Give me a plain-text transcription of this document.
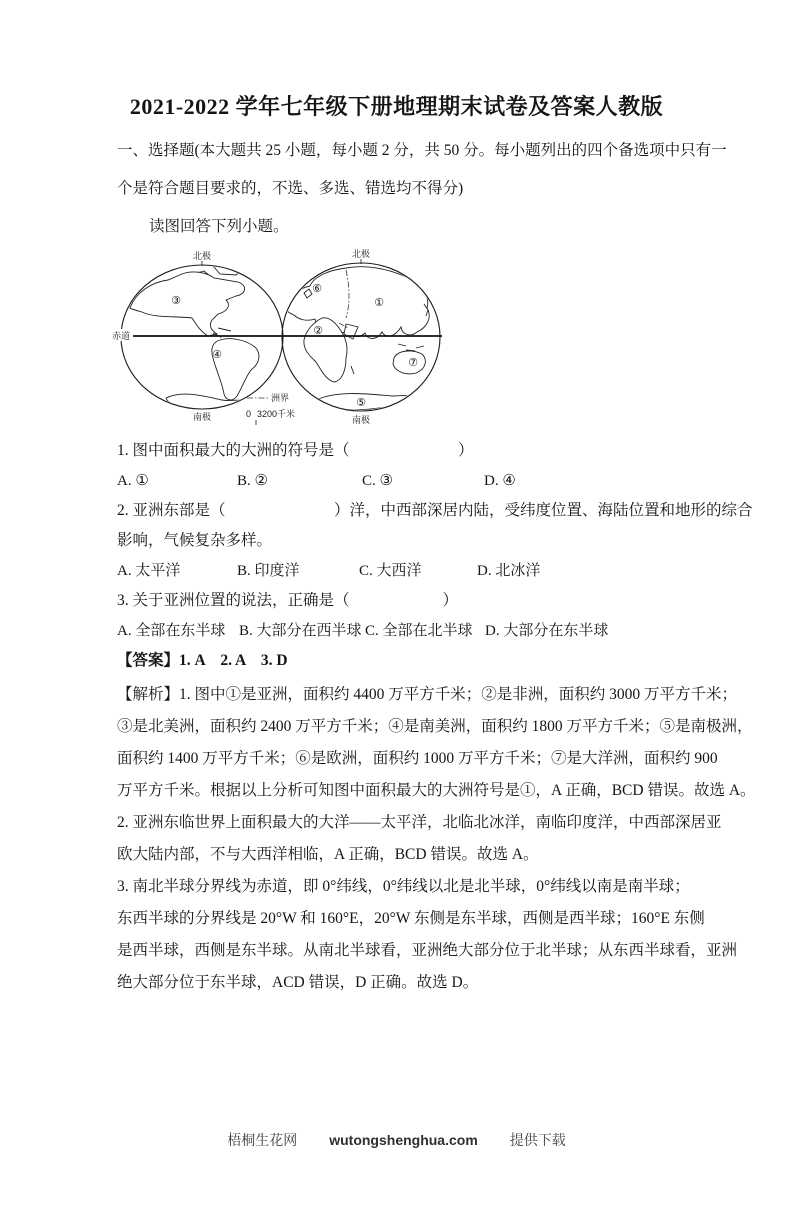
2021-2022 学年七年级下册地理期末试卷及答案人教版
一、选择题(本大题共 25 小题，每小题 2 分，共 50 分。每小题列出的四个备选项中只有一
个是符合题目要求的，不选、多选、错选均不得分)
读图回答下列小题。
赤道
北极	北极
南极	南极
①
②
③
④
⑤
⑥
⑦
洲界
0 3200千米
1. 图中面积最大的大洲的符号是（　　　　　　　）
A. ①	B. ②	C. ③	D. ④
2. 亚洲东部是（　　　　　　　）洋，中西部深居内陆，受纬度位置、海陆位置和地形的综合
影响，气候复杂多样。
A. 太平洋	B. 印度洋	C. 大西洋	D. 北冰洋
3. 关于亚洲位置的说法，正确是（　　　　　　）
A. 全部在东半球 B. 大部分在西半球 C. 全部在北半球 D. 大部分在东半球
【答案】1. A　2. A　3. D
【解析】1. 图中①是亚洲，面积约 4400 万平方千米；②是非洲，面积约 3000 万平方千米；
③是北美洲，面积约 2400 万平方千米；④是南美洲，面积约 1800 万平方千米；⑤是南极洲，
面积约 1400 万平方千米；⑥是欧洲，面积约 1000 万平方千米；⑦是大洋洲，面积约 900
万平方千米。根据以上分析可知图中面积最大的大洲符号是①，A 正确，BCD 错误。故选 A。
2. 亚洲东临世界上面积最大的大洋——太平洋，北临北冰洋，南临印度洋，中西部深居亚
欧大陆内部，不与大西洋相临，A 正确，BCD 错误。故选 A。
3. 南北半球分界线为赤道，即 0°纬线，0°纬线以北是北半球，0°纬线以南是南半球；
东西半球的分界线是 20°W 和 160°E，20°W 东侧是东半球，西侧是西半球；160°E 东侧
是西半球，西侧是东半球。从南北半球看，亚洲绝大部分位于北半球；从东西半球看，亚洲
绝大部分位于东半球，ACD 错误，D 正确。故选 D。
梧桐生花网 wutongshenghua.com 提供下载
